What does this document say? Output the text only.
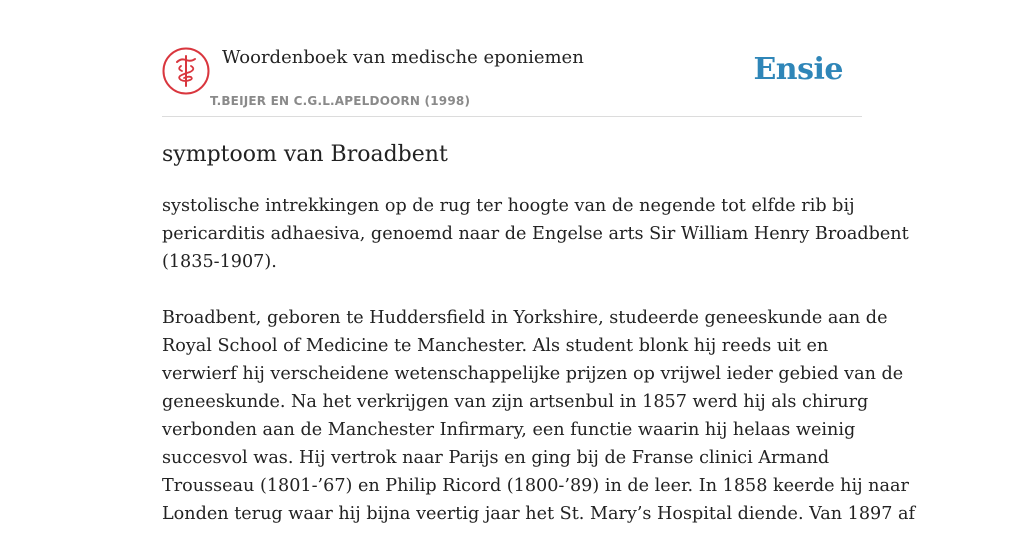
Woordenboek van medische eponiemen
T.BEIJER EN C.G.L.APELDOORN (1998)
Ensie
symptoom van Broadbent

systolische intrekkingen op de rug ter hoogte van de negende tot elfde rib bij
pericarditis adhaesiva, genoemd naar de Engelse arts Sir William Henry Broadbent
(1835-1907).

Broadbent, geboren te Huddersfield in Yorkshire, studeerde geneeskunde aan de
Royal School of Medicine te Manchester. Als student blonk hij reeds uit en
verwierf hij verscheidene wetenschappelijke prijzen op vrijwel ieder gebied van de
geneeskunde. Na het verkrijgen van zijn artsenbul in 1857 werd hij als chirurg
verbonden aan de Manchester Infirmary, een functie waarin hij helaas weinig
succesvol was. Hij vertrok naar Parijs en ging bij de Franse clinici Armand
Trousseau (1801-’67) en Philip Ricord (1800-’89) in de leer. In 1858 keerde hij naar
Londen terug waar hij bijna veertig jaar het St. Mary’s Hospital diende. Van 1897 af
